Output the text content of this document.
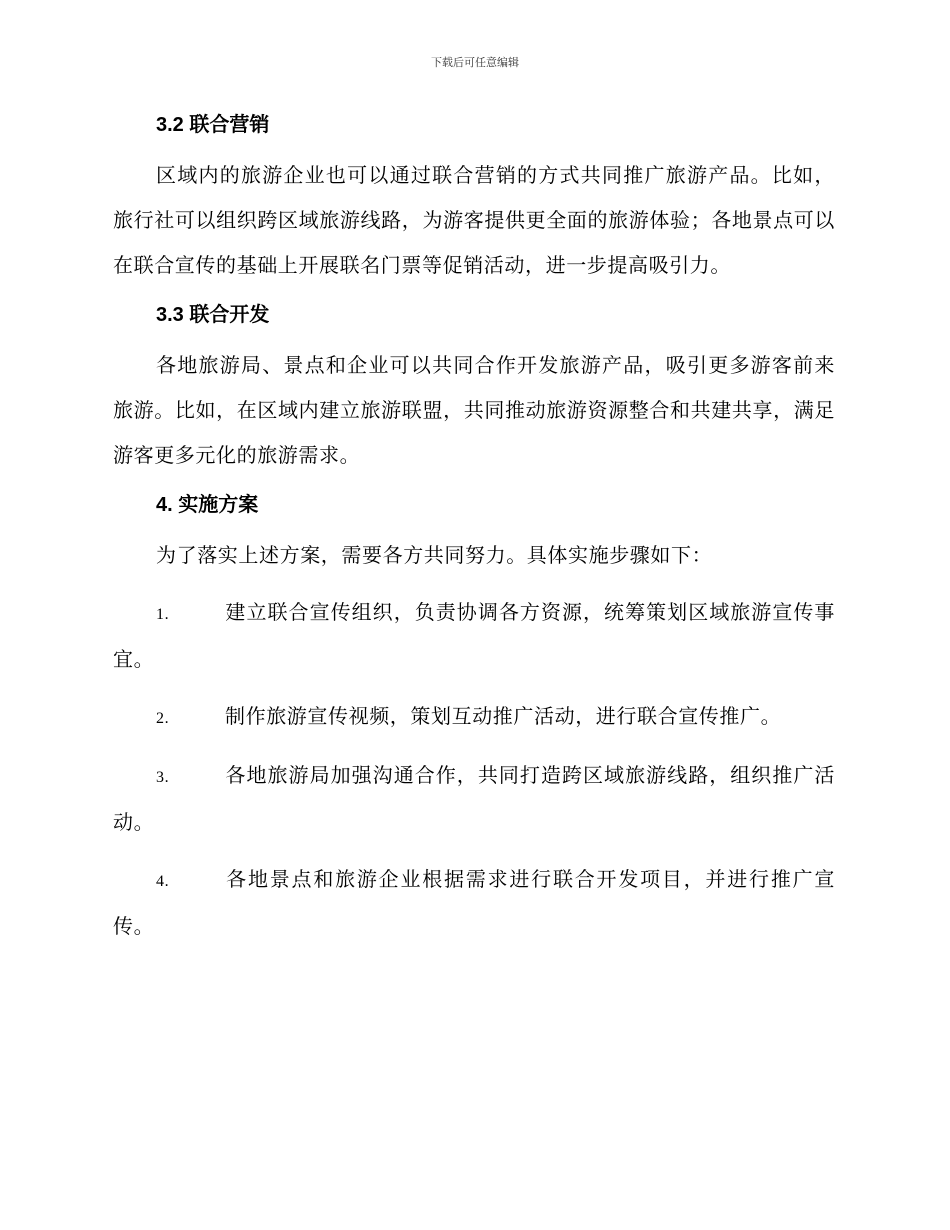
下载后可任意编辑
3.2 联合营销

区域内的旅游企业也可以通过联合营销的方式共同推广旅游产品。比如，旅行社可以组织跨区域旅游线路，为游客提供更全面的旅游体验；各地景点可以在联合宣传的基础上开展联名门票等促销活动，进一步提高吸引力。

3.3 联合开发

各地旅游局、景点和企业可以共同合作开发旅游产品，吸引更多游客前来旅游。比如，在区域内建立旅游联盟，共同推动旅游资源整合和共建共享，满足游客更多元化的旅游需求。

4. 实施方案

为了落实上述方案，需要各方共同努力。具体实施步骤如下：

1.	建立联合宣传组织，负责协调各方资源，统筹策划区域旅游宣传事宜。
2.	制作旅游宣传视频，策划互动推广活动，进行联合宣传推广。
3.	各地旅游局加强沟通合作，共同打造跨区域旅游线路，组织推广活动。
4.	各地景点和旅游企业根据需求进行联合开发项目，并进行推广宣传。
